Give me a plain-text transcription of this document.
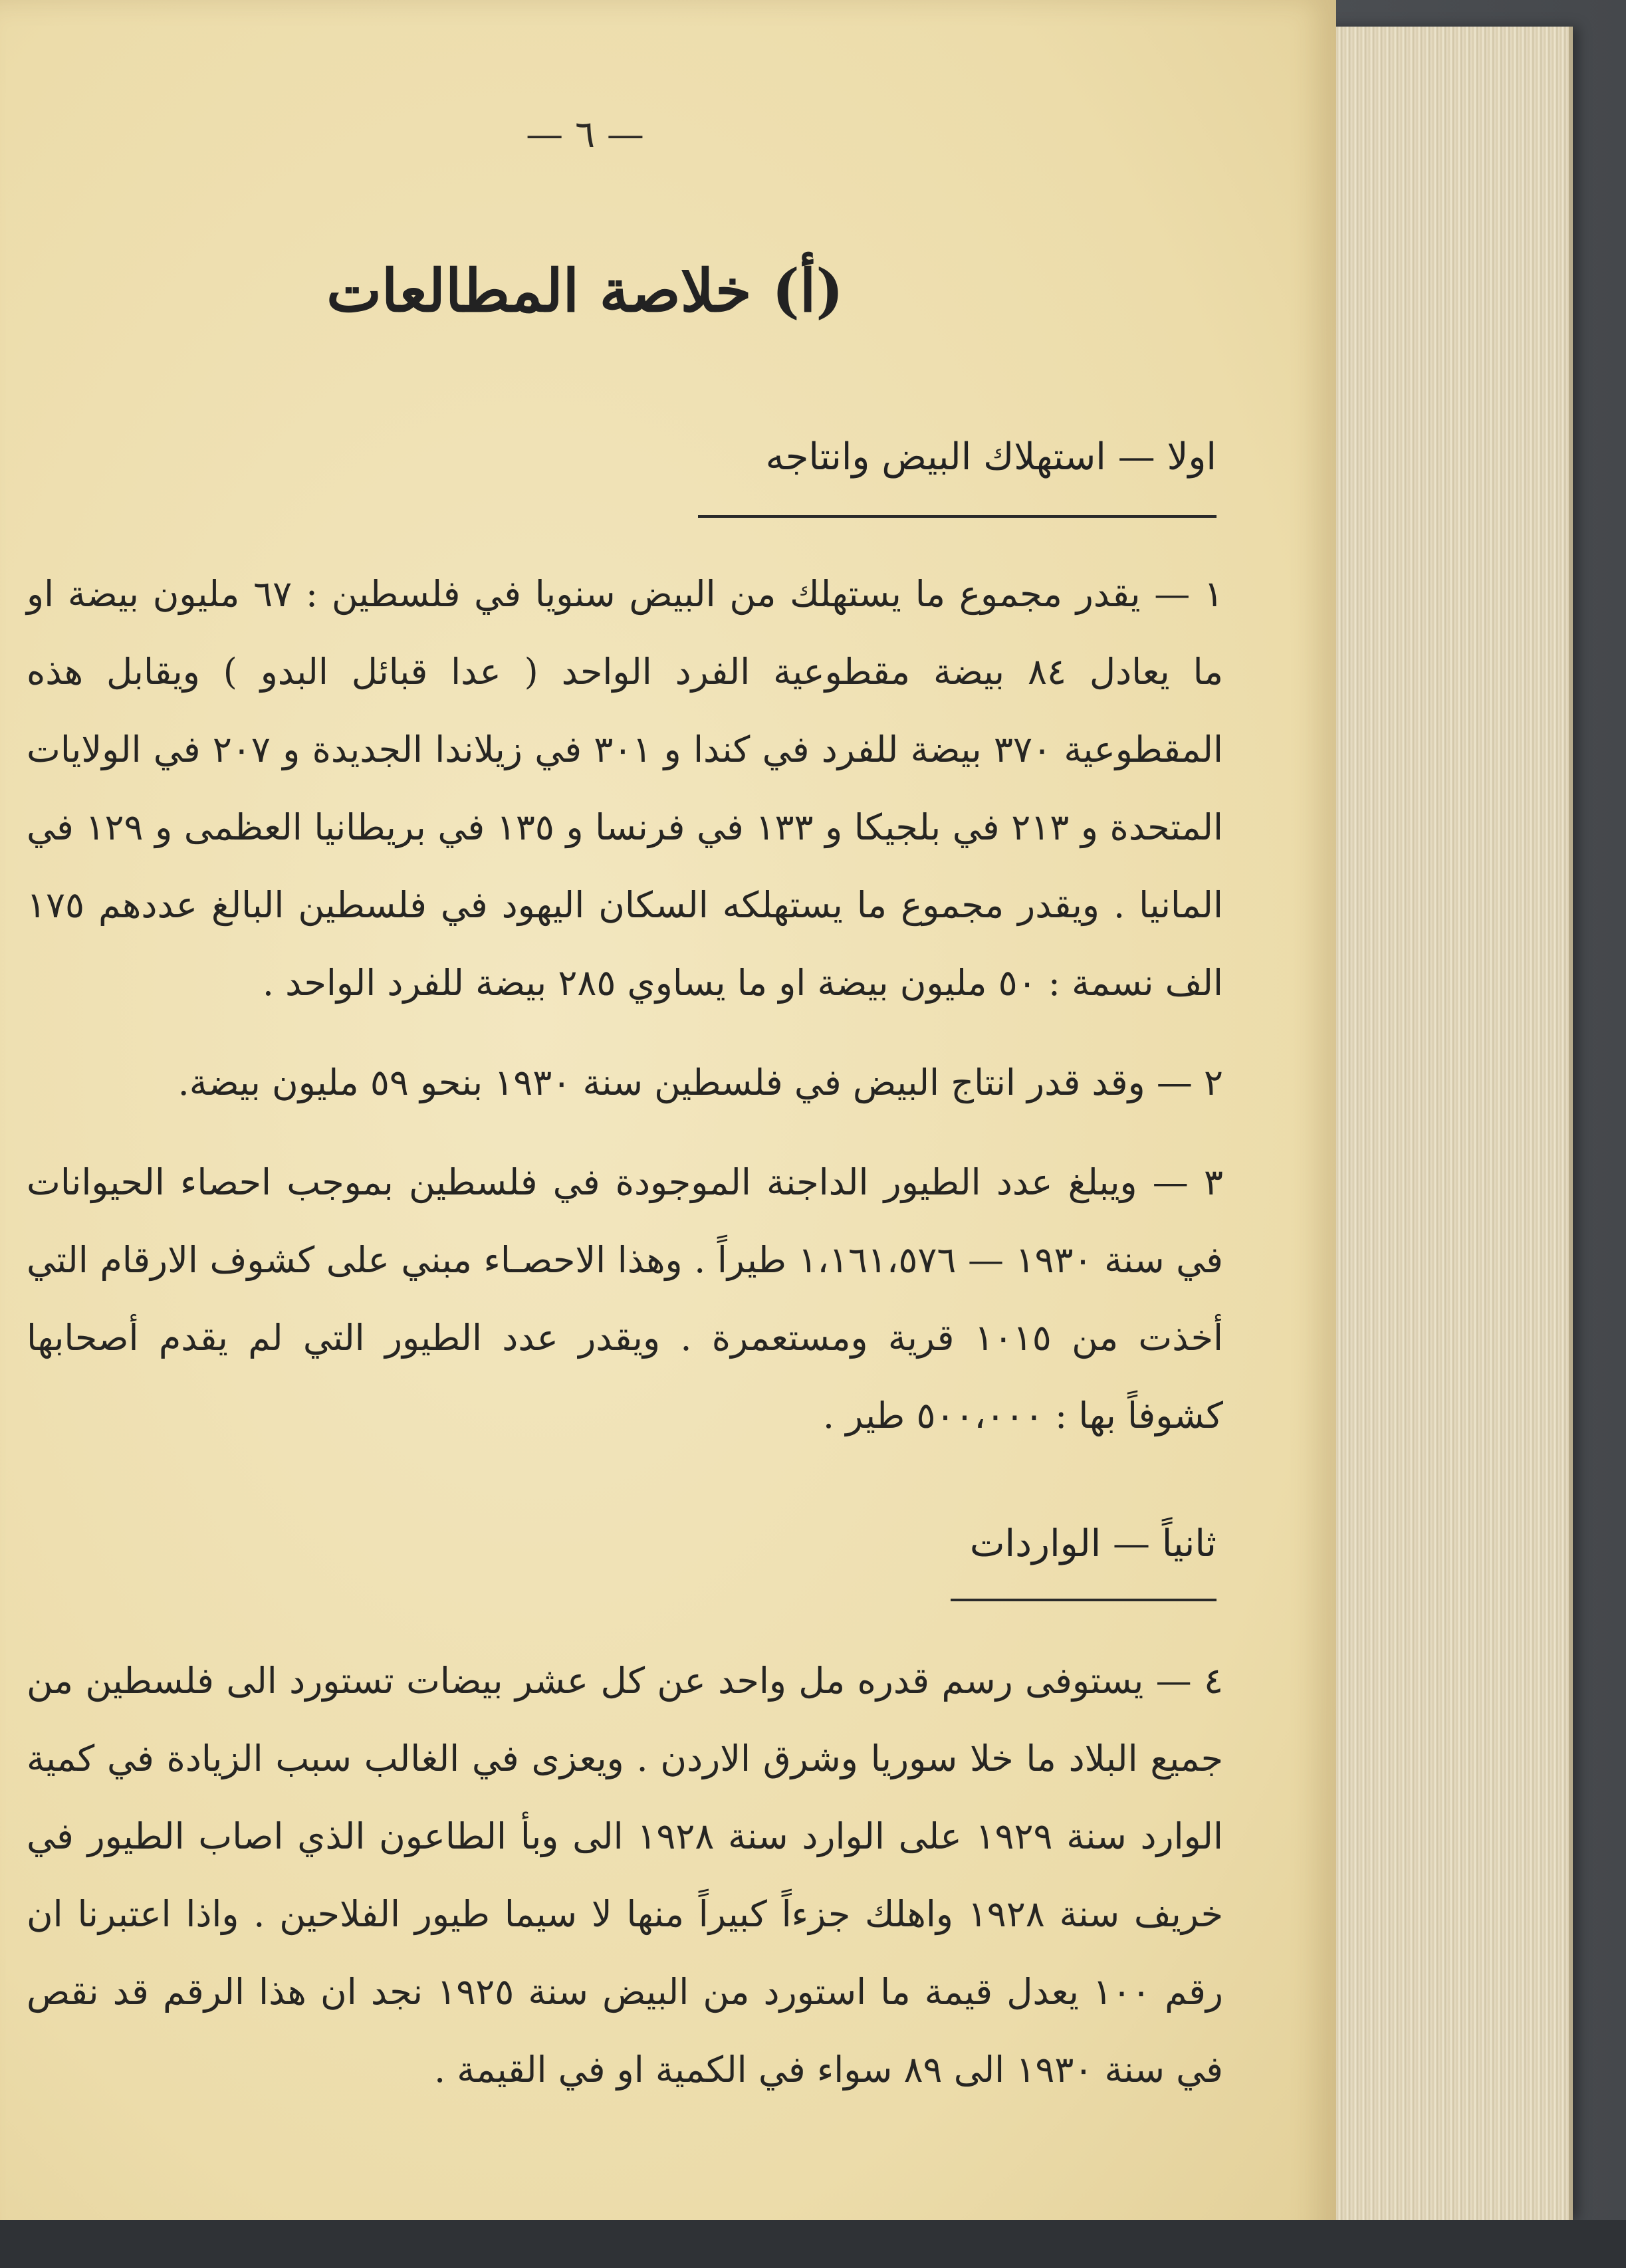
— ٦ —
(أ) خلاصة المطالعات
اولا — استهلاك البيض وانتاجه
١ — يقدر مجموع ما يستهلك من البيض سنويا في فلسطين : ٦٧ مليون بيضة او ما يعادل ٨٤ بيضة مقطوعية الفرد الواحد ( عدا قبائل البدو ) ويقابل هذه المقطوعية ٣٧٠ بيضة للفرد في كندا و ٣٠١ في زيلاندا الجديدة و ٢٠٧ في الولايات المتحدة و ٢١٣ في بلجيكا و ١٣٣ في فرنسا و ١٣٥ في بريطانيا العظمى و ١٢٩ في المانيا . ويقدر مجموع ما يستهلكه السكان اليهود في فلسطين البالغ عددهم ١٧٥ الف نسمة : ٥٠ مليون بيضة او ما يساوي ٢٨٥ بيضة للفرد الواحد .
٢ — وقد قدر انتاج البيض في فلسطين سنة ١٩٣٠ بنحو ٥٩ مليون بيضة.
٣ — ويبلغ عدد الطيور الداجنة الموجودة في فلسطين بموجب احصاء الحيوانات في سنة ١٩٣٠ — ١،١٦١،٥٧٦ طيراً . وهذا الاحصـاء مبني على كشوف الارقام التي أخذت من ١٠١٥ قرية ومستعمرة . ويقدر عدد الطيور التي لم يقدم أصحابها كشوفاً بها : ٥٠٠،٠٠٠ طير .
ثانياً — الواردات
٤ — يستوفى رسم قدره مل واحد عن كل عشر بيضات تستورد الى فلسطين من جميع البلاد ما خلا سوريا وشرق الاردن . ويعزى في الغالب سبب الزيادة في كمية الوارد سنة ١٩٢٩ على الوارد سنة ١٩٢٨ الى وبأ الطاعون الذي اصاب الطيور في خريف سنة ١٩٢٨ واهلك جزءاً كبيراً منها لا سيما طيور الفلاحين . واذا اعتبرنا ان رقم ١٠٠ يعدل قيمة ما استورد من البيض سنة ١٩٢٥ نجد ان هذا الرقم قد نقص في سنة ١٩٣٠ الى ٨٩ سواء في الكمية او في القيمة .
